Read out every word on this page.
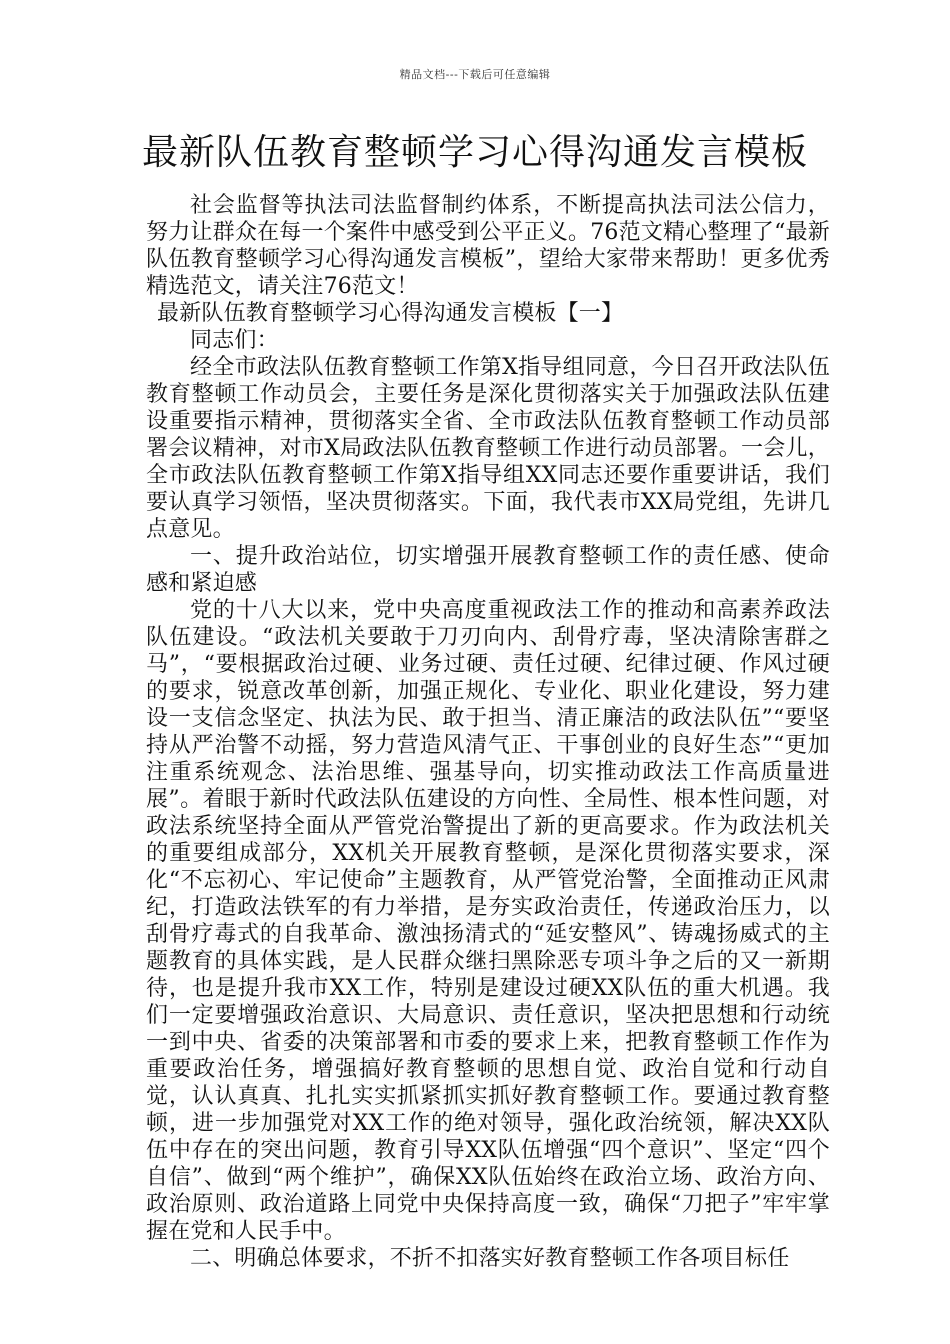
精品文档---下载后可任意编辑
最新队伍教育整顿学习心得沟通发言模板

社会监督等执法司法监督制约体系，不断提高执法司法公信力，努力让群众在每一个案件中感受到公平正义。76范文精心整理了“最新队伍教育整顿学习心得沟通发言模板”，望给大家带来帮助！更多优秀精选范文，请关注76范文！

最新队伍教育整顿学习心得沟通发言模板【一】

同志们：

经全市政法队伍教育整顿工作第X指导组同意，今日召开政法队伍教育整顿工作动员会，主要任务是深化贯彻落实关于加强政法队伍建设重要指示精神，贯彻落实全省、全市政法队伍教育整顿工作动员部署会议精神，对市X局政法队伍教育整顿工作进行动员部署。一会儿，全市政法队伍教育整顿工作第X指导组XX同志还要作重要讲话，我们要认真学习领悟，坚决贯彻落实。下面，我代表市XX局党组，先讲几点意见。

一、提升政治站位，切实增强开展教育整顿工作的责任感、使命感和紧迫感

党的十八大以来，党中央高度重视政法工作的推动和高素养政法队伍建设。“政法机关要敢于刀刃向内、刮骨疗毒，坚决清除害群之马”，“要根据政治过硬、业务过硬、责任过硬、纪律过硬、作风过硬的要求，锐意改革创新，加强正规化、专业化、职业化建设，努力建设一支信念坚定、执法为民、敢于担当、清正廉洁的政法队伍”“要坚持从严治警不动摇，努力营造风清气正、干事创业的良好生态”“更加注重系统观念、法治思维、强基导向，切实推动政法工作高质量进展”。着眼于新时代政法队伍建设的方向性、全局性、根本性问题，对政法系统坚持全面从严管党治警提出了新的更高要求。作为政法机关的重要组成部分，XX机关开展教育整顿，是深化贯彻落实要求，深化“不忘初心、牢记使命”主题教育，从严管党治警，全面推动正风肃纪，打造政法铁军的有力举措，是夯实政治责任，传递政治压力，以刮骨疗毒式的自我革命、激浊扬清式的“延安整风”、铸魂扬威式的主题教育的具体实践，是人民群众继扫黑除恶专项斗争之后的又一新期待，也是提升我市XX工作，特别是建设过硬XX队伍的重大机遇。我们一定要增强政治意识、大局意识、责任意识，坚决把思想和行动统一到中央、省委的决策部署和市委的要求上来，把教育整顿工作作为重要政治任务，增强搞好教育整顿的思想自觉、政治自觉和行动自觉，认认真真、扎扎实实抓紧抓实抓好教育整顿工作。要通过教育整顿，进一步加强党对XX工作的绝对领导，强化政治统领，解决XX队伍中存在的突出问题，教育引导XX队伍增强“四个意识”、坚定“四个自信”、做到“两个维护”，确保XX队伍始终在政治立场、政治方向、政治原则、政治道路上同党中央保持高度一致，确保“刀把子”牢牢掌握在党和人民手中。

二、明确总体要求，不折不扣落实好教育整顿工作各项目标任
